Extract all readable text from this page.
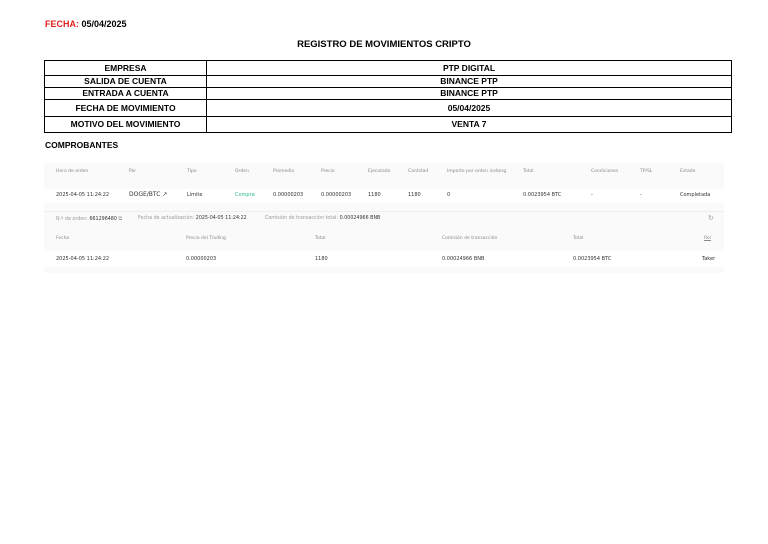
FECHA: 05/04/2025
REGISTRO DE MOVIMIENTOS CRIPTO
EMPRESA	PTP DIGITAL
SALIDA DE CUENTA	BINANCE PTP
ENTRADA A CUENTA	BINANCE PTP
FECHA DE MOVIMIENTO	05/04/2025
MOTIVO DEL MOVIMIENTO	VENTA 7
COMPROBANTES
Hora de orden	Par	Tipo	Orden	Promedio	Precio	Ejecutado	Cantidad	Importe por orden iceberg	Total	Condiciones	TP/SL	Estado
2025-04-05 11:24:22	DOGE/BTC ↗	Límite	Compra	0.00000203	0.00000203	1180	1180	0	0.0023954 BTC	-	-	Completada
N.º de orden: 661296480 ⧉	Fecha de actualización: 2025-04-05 11:24:22	Comisión de transacción total: 0.00024966 BNB	↻
Fecha	Precio del Trading	Total	Comisión de transacción	Total	Rol
2025-04-05 11:24:22	0.00000203	1180	0.00024966 BNB	0.0023954 BTC	Taker
